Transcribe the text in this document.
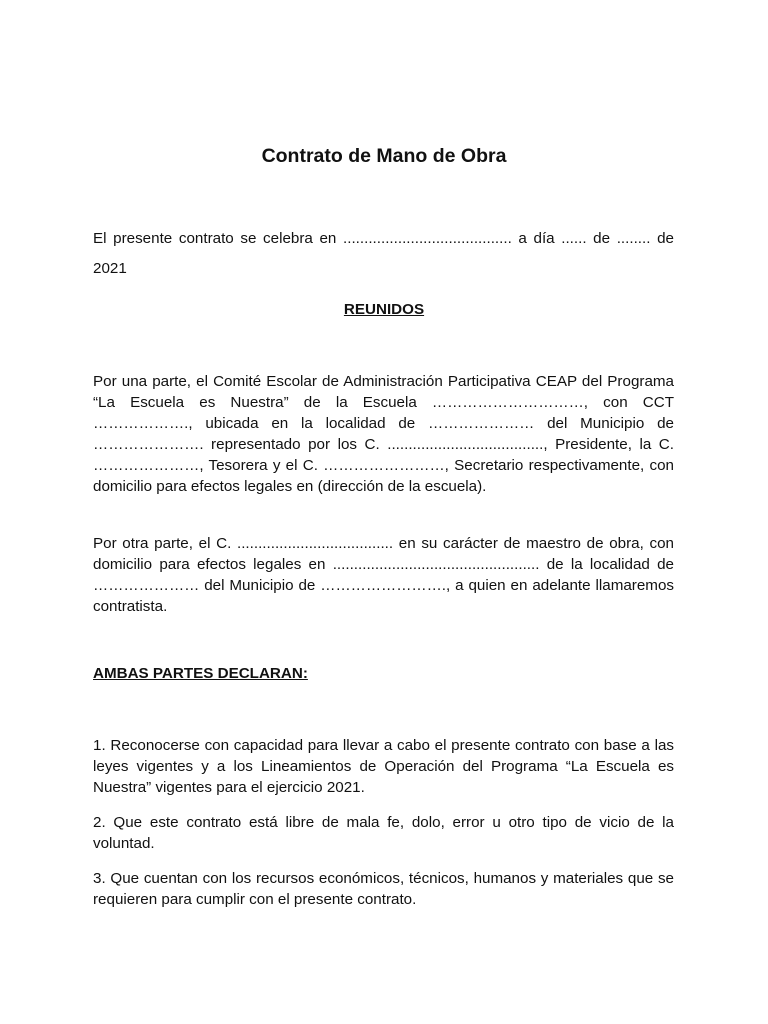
Contrato de Mano de Obra

El presente contrato se celebra en ........................................ a día ...... de ........ de 2021

REUNIDOS

Por una parte, el Comité Escolar de Administración Participativa CEAP del Programa “La Escuela es Nuestra” de la Escuela …………………………, con CCT ………………., ubicada en la localidad de ………………… del Municipio de …………………. representado por los C. ....................................., Presidente, la C. …………………, Tesorera y el C. ……………………, Secretario respectivamente, con domicilio para efectos legales en (dirección de la escuela).

Por otra parte, el C. ..................................... en su carácter de maestro de obra, con domicilio para efectos legales en ................................................. de la localidad de ………………… del Municipio de ……………………., a quien en adelante llamaremos contratista.

AMBAS PARTES DECLARAN:

1. Reconocerse con capacidad para llevar a cabo el presente contrato con base a las leyes vigentes y a los Lineamientos de Operación del Programa “La Escuela es Nuestra” vigentes para el ejercicio 2021.

2. Que este contrato está libre de mala fe, dolo, error u otro tipo de vicio de la voluntad.

3. Que cuentan con los recursos económicos, técnicos, humanos y materiales que se requieren para cumplir con el presente contrato.
